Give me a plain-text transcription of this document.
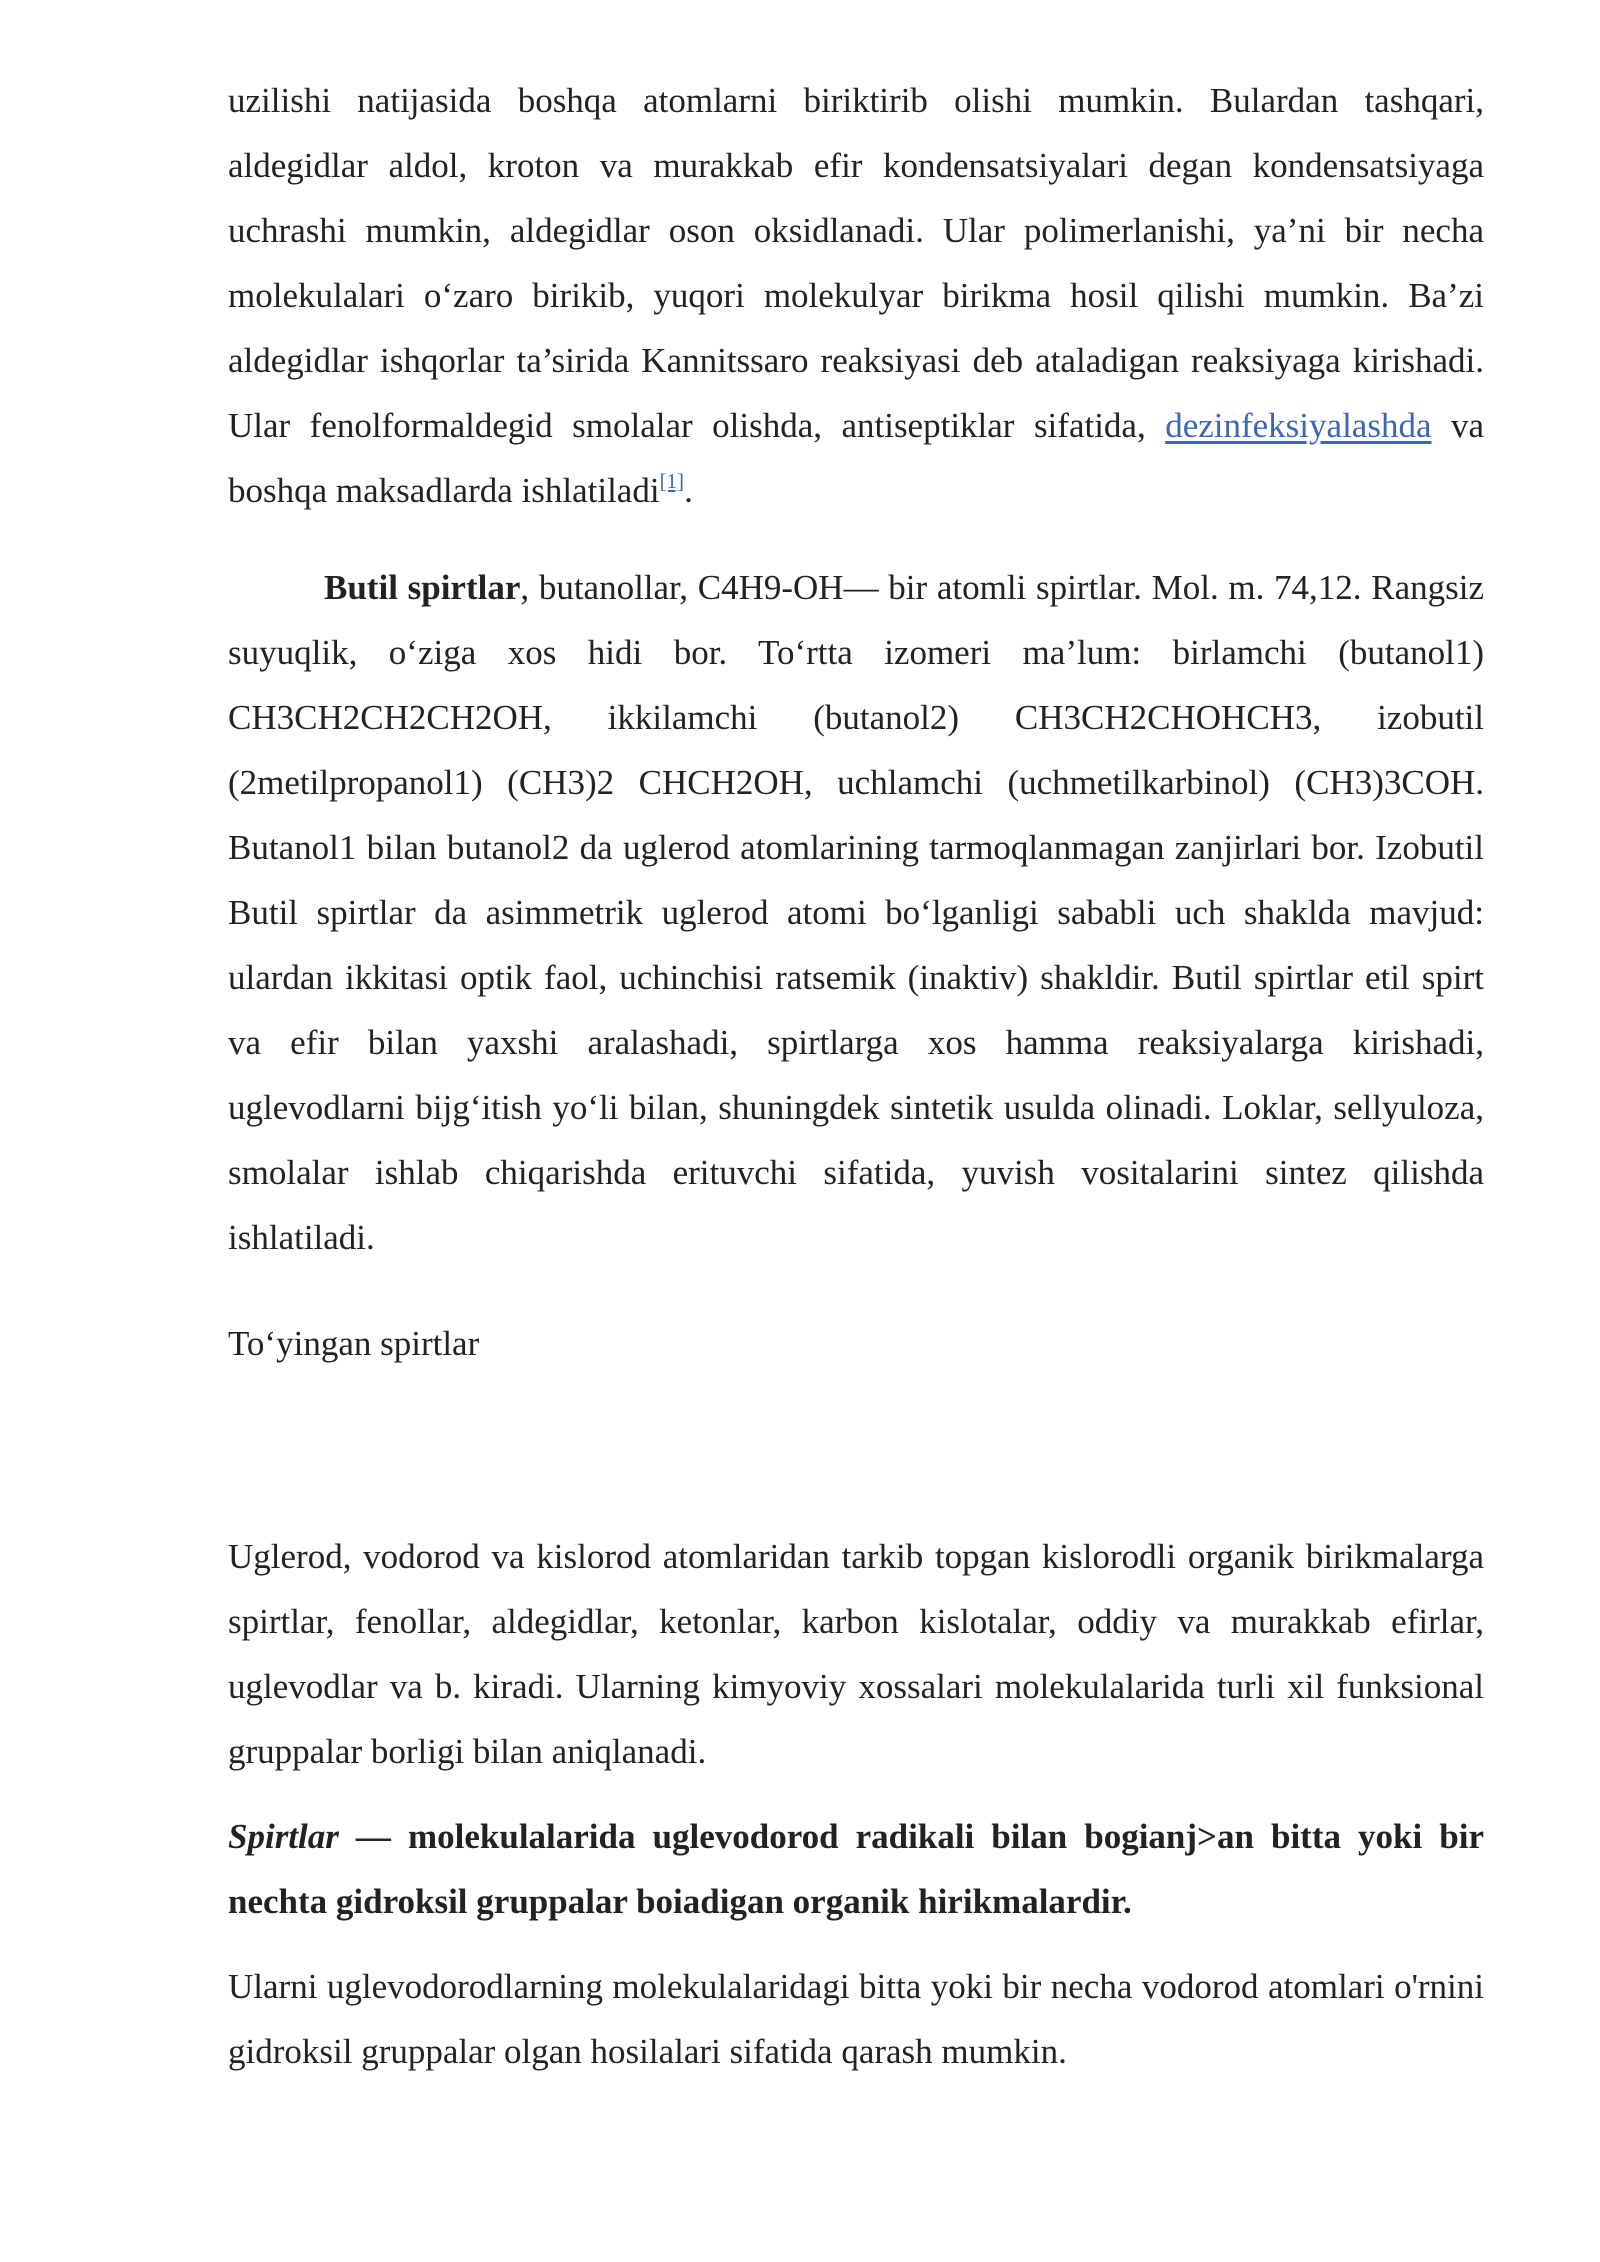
uzilishi natijasida boshqa atomlarni biriktirib olishi mumkin. Bulardan tashqari, aldegidlar aldol, kroton va murakkab efir kondensatsiyalari degan kondensatsiyaga uchrashi mumkin, aldegidlar oson oksidlanadi. Ular polimerlanishi, ya’ni bir necha molekulalari o‘zaro birikib, yuqori molekulyar birikma hosil qilishi mumkin. Ba’zi aldegidlar ishqorlar ta’sirida Kannitssaro reaksiyasi deb ataladigan reaksiyaga kirishadi. Ular fenolformaldegid smolalar olishda, antiseptiklar sifatida, dezinfeksiyalashda va boshqa maksadlarda ishlatiladi[1].

Butil spirtlar, butanollar, C4H9-OH— bir atomli spirtlar. Mol. m. 74,12. Rangsiz suyuqlik, o‘ziga xos hidi bor. To‘rtta izomeri ma’lum: birlamchi (butanol1) CH3CH2CH2CH2OH, ikkilamchi (butanol2) CH3CH2CHOHCH3, izobutil (2metilpropanol1) (CH3)2 CHCH2OH, uchlamchi (uchmetilkarbinol) (CH3)3COH. Butanol1 bilan butanol2 da uglerod atomlarining tarmoqlanmagan zanjirlari bor. Izobutil Butil spirtlar da asimmetrik uglerod atomi bo‘lganligi sababli uch shaklda mavjud: ulardan ikkitasi optik faol, uchinchisi ratsemik (inaktiv) shakldir. Butil spirtlar etil spirt va efir bilan yaxshi aralashadi, spirtlarga xos hamma reaksiyalarga kirishadi, uglevodlarni bijg‘itish yo‘li bilan, shuningdek sintetik usulda olinadi. Loklar, sellyuloza, smolalar ishlab chiqarishda erituvchi sifatida, yuvish vositalarini sintez qilishda ishlatiladi.

To‘yingan spirtlar

Uglerod, vodorod va kislorod atomlaridan tarkib topgan kislorodli organik birikmalarga spirtlar, fenollar, aldegidlar, ketonlar, karbon kislotalar, oddiy va murakkab efirlar, uglevodlar va b. kiradi. Ularning kimyoviy xossalari molekulalarida turli xil funksional gruppalar borligi bilan aniqlanadi.

Spirtlar — molekulalarida uglevodorod radikali bilan bogianj>an bitta yoki bir nechta gidroksil gruppalar boiadigan organik hirikmalardir.

Ularni uglevodorodlarning molekulalaridagi bitta yoki bir necha vodorod atomlari o'rnini gidroksil gruppalar olgan hosilalari sifatida qarash mumkin.
